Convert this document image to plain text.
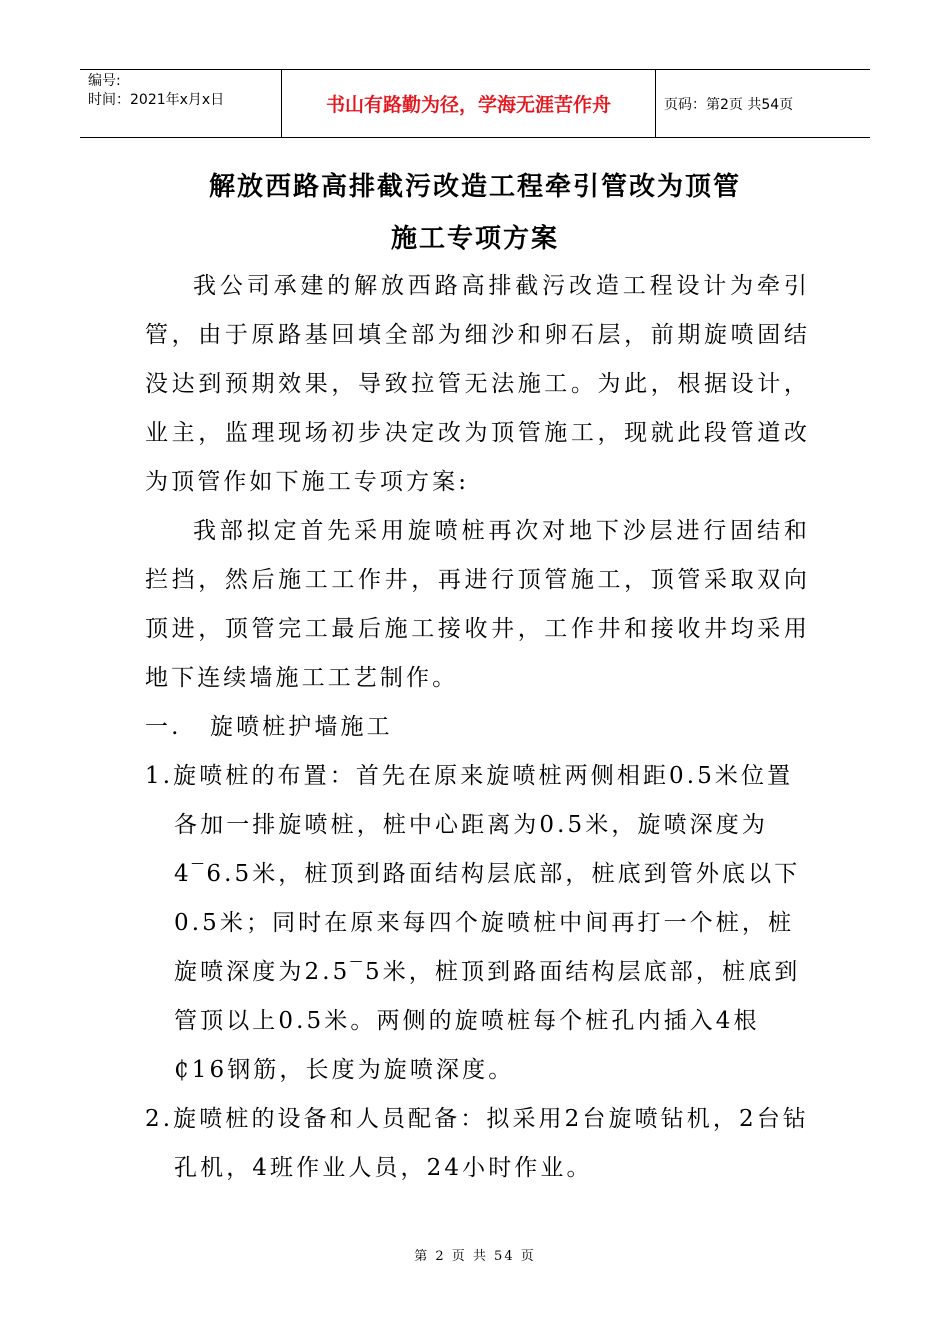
编号:
时间：2021年x月x日	书山有路勤为径，学海无涯苦作舟	页码：第2页 共54页
解放西路高排截污改造工程牵引管改为顶管
施工专项方案

我公司承建的解放西路高排截污改造工程设计为牵引管，由于原路基回填全部为细沙和卵石层，前期旋喷固结没达到预期效果，导致拉管无法施工。为此，根据设计，业主，监理现场初步决定改为顶管施工，现就此段管道改为顶管作如下施工专项方案:

我部拟定首先采用旋喷桩再次对地下沙层进行固结和拦挡，然后施工工作井，再进行顶管施工，顶管采取双向顶进，顶管完工最后施工接收井，工作井和接收井均采用地下连续墙施工工艺制作。

一. 旋喷桩护墙施工

1.旋喷桩的布置：首先在原来旋喷桩两侧相距0.5米位置各加一排旋喷桩，桩中心距离为0.5米，旋喷深度为4‾6.5米，桩顶到路面结构层底部，桩底到管外底以下0.5米；同时在原来每四个旋喷桩中间再打一个桩，桩旋喷深度为2.5‾5米，桩顶到路面结构层底部，桩底到管顶以上0.5米。两侧的旋喷桩每个桩孔内插入4根₵16钢筋，长度为旋喷深度。

2.旋喷桩的设备和人员配备：拟采用2台旋喷钻机，2台钻孔机，4班作业人员，24小时作业。

第 2 页 共 54 页
